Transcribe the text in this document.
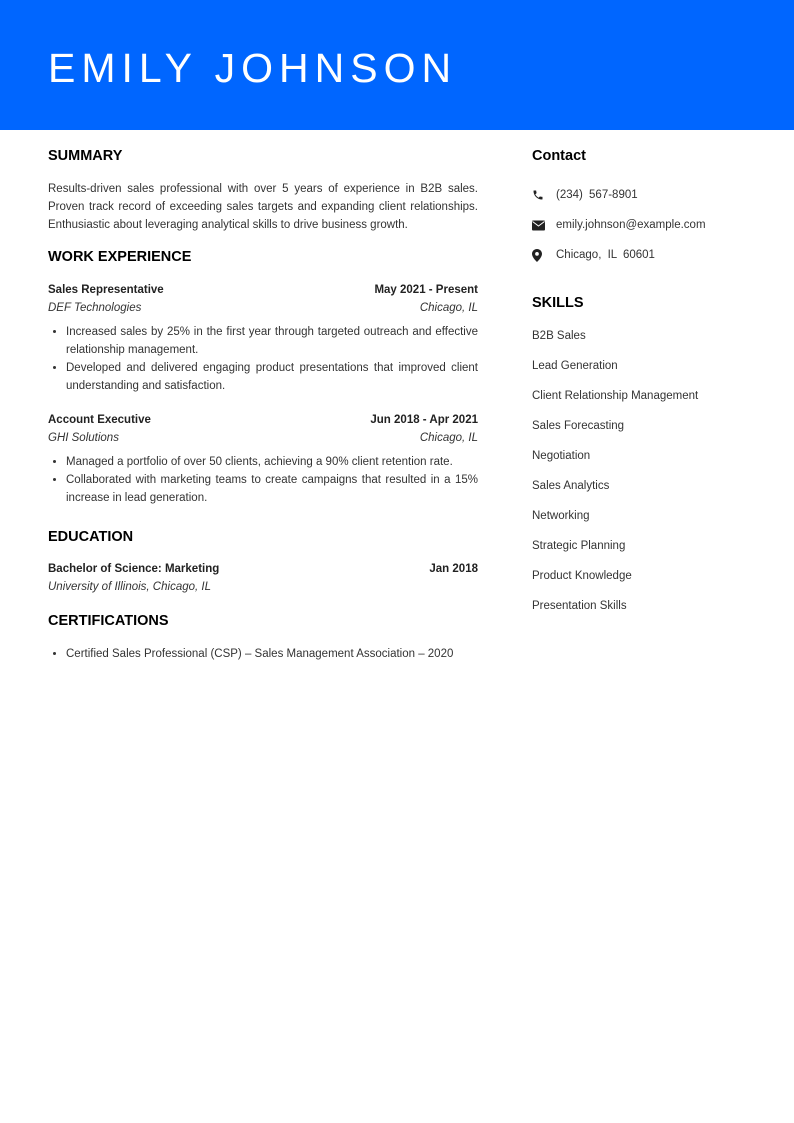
EMILY JOHNSON
SUMMARY

Results-driven sales professional with over 5 years of experience in B2B sales. Proven track record of exceeding sales targets and expanding client relationships. Enthusiastic about leveraging analytical skills to drive business growth.

WORK EXPERIENCE
Sales Representative	May 2021 - Present
DEF Technologies	Chicago, IL
• Increased sales by 25% in the first year through targeted outreach and effective relationship management.
• Developed and delivered engaging product presentations that improved client understanding and satisfaction.
Account Executive	Jun 2018 - Apr 2021
GHI Solutions	Chicago, IL
• Managed a portfolio of over 50 clients, achieving a 90% client retention rate.
• Collaborated with marketing teams to create campaigns that resulted in a 15% increase in lead generation.
EDUCATION
Bachelor of Science: Marketing	Jan 2018
University of Illinois, Chicago, IL
CERTIFICATIONS
• Certified Sales Professional (CSP) – Sales Management Association – 2020
Contact
(234) 567-8901
emily.johnson@example.com
Chicago, IL 60601
SKILLS

B2B Sales

Lead Generation

Client Relationship Management

Sales Forecasting

Negotiation

Sales Analytics

Networking

Strategic Planning

Product Knowledge

Presentation Skills
